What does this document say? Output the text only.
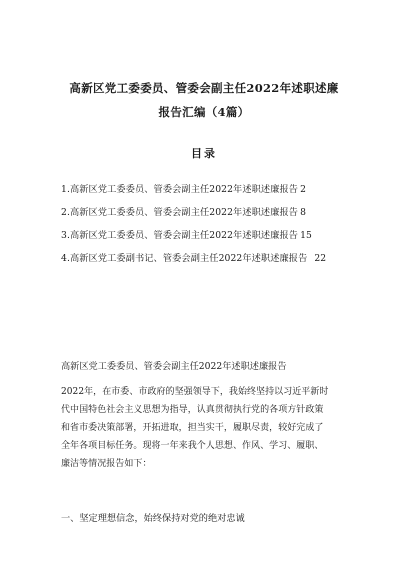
高新区党工委委员、管委会副主任2022年述职述廉
报告汇编（4篇）
目录
1.高新区党工委委员、管委会副主任2022年述职述廉报告 2
2.高新区党工委委员、管委会副主任2022年述职述廉报告 8
3.高新区党工委委员、管委会副主任2022年述职述廉报告 15
4.高新区党工委副书记、管委会副主任2022年述职述廉报告 22
高新区党工委委员、管委会副主任2022年述职述廉报告

2022年，在市委、市政府的坚强领导下，我始终坚持以习近平新时
代中国特色社会主义思想为指导，认真贯彻执行党的各项方针政策
和省市委决策部署，开拓进取，担当实干，履职尽责，较好完成了
全年各项目标任务。现将一年来我个人思想、作风、学习、履职、
廉洁等情况报告如下：

一、坚定理想信念，始终保持对党的绝对忠诚
